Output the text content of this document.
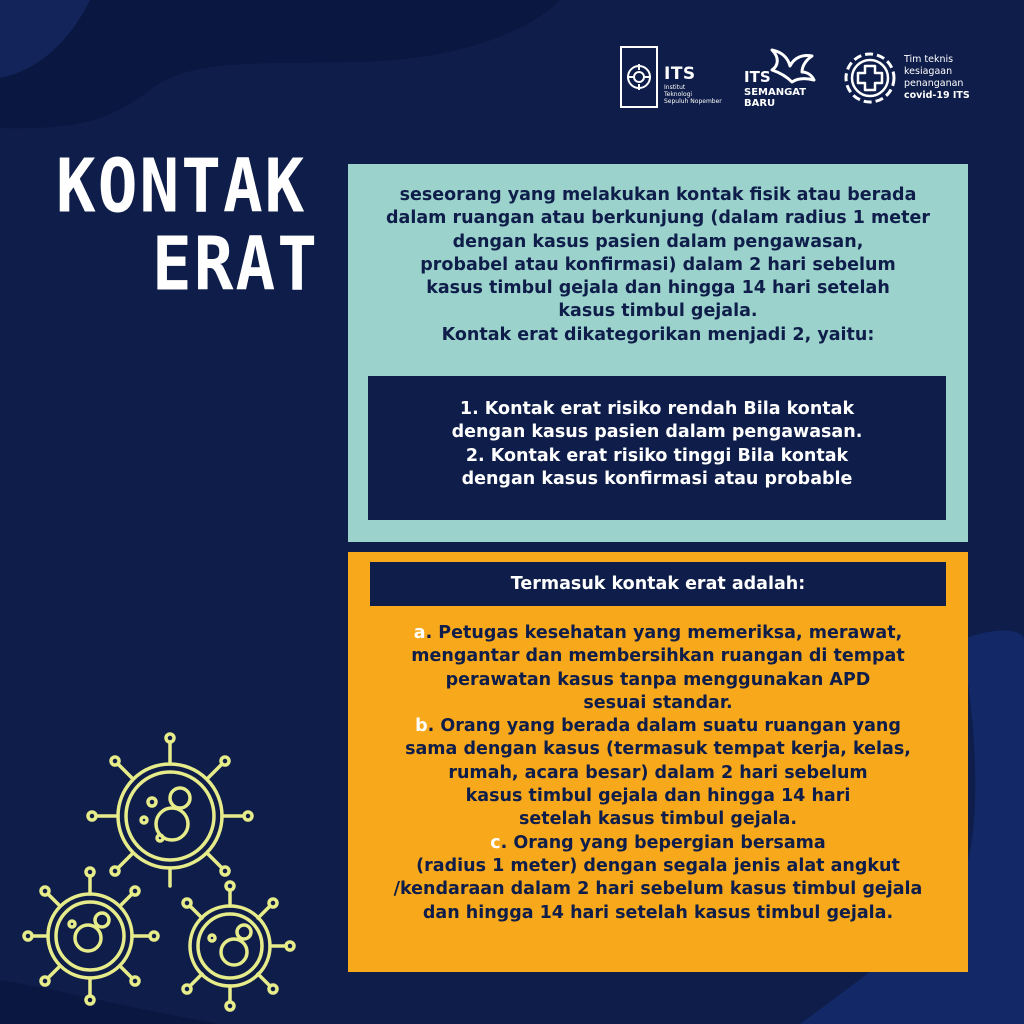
ITS
Institut
Teknologi
Sepuluh Nopember
ITS
SEMANGAT
BARU
Tim teknis
kesiagaan
penanganan
covid-19 ITS
KONTAK
ERAT
seseorang yang melakukan kontak fisik atau berada
dalam ruangan atau berkunjung (dalam radius 1 meter
dengan kasus pasien dalam pengawasan,
probabel atau konfirmasi) dalam 2 hari sebelum
kasus timbul gejala dan hingga 14 hari setelah
kasus timbul gejala.
Kontak erat dikategorikan menjadi 2, yaitu:
1. Kontak erat risiko rendah Bila kontak
dengan kasus pasien dalam pengawasan.
2. Kontak erat risiko tinggi Bila kontak
dengan kasus konfirmasi atau probable
Termasuk kontak erat adalah:
a. Petugas kesehatan yang memeriksa, merawat,
mengantar dan membersihkan ruangan di tempat
perawatan kasus tanpa menggunakan APD
sesuai standar.
b. Orang yang berada dalam suatu ruangan yang
sama dengan kasus (termasuk tempat kerja, kelas,
rumah, acara besar) dalam 2 hari sebelum
kasus timbul gejala dan hingga 14 hari
setelah kasus timbul gejala.
c. Orang yang bepergian bersama
(radius 1 meter) dengan segala jenis alat angkut
/kendaraan dalam 2 hari sebelum kasus timbul gejala
dan hingga 14 hari setelah kasus timbul gejala.
